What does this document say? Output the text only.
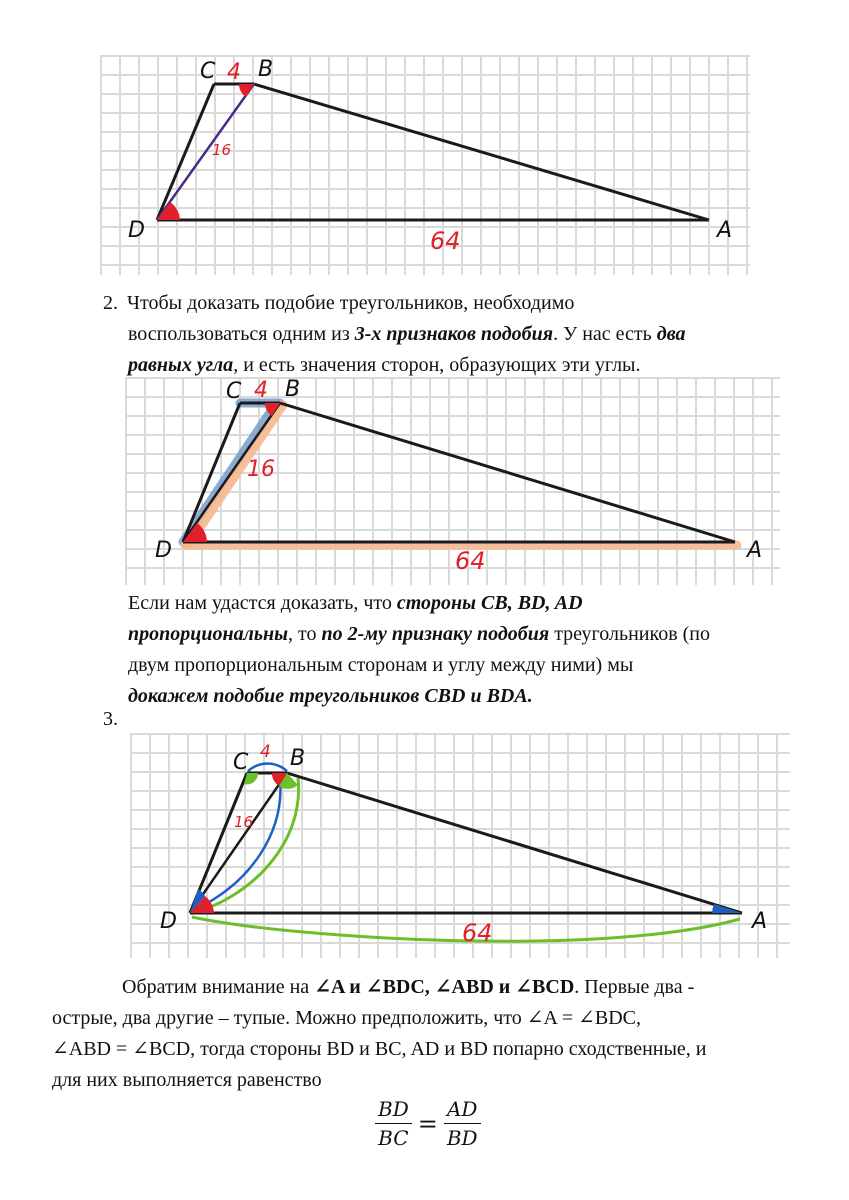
C B
D	A
4
16
64
2. Чтобы доказать подобие треугольников, необходимо
воспользоваться одним из 3-х признаков подобия. У нас есть два
равных угла, и есть значения сторон, образующих эти углы.
C B
D	A
4
16
64
Если нам удастся доказать, что стороны CB, BD, AD
пропорциональны, то по 2-му признаку подобия треугольников (по
двум пропорциональным сторонам и углу между ними) мы
докажем подобие треугольников CBD и BDA.
3.
C B
D	A
4
16
64
Обратим внимание на ∠A и ∠BDC, ∠ABD и ∠BCD. Первые два -
острые, два другие – тупые. Можно предположить, что ∠A = ∠BDC,
∠ABD = ∠BCD, тогда стороны BD и BC, AD и BD попарно сходственные, и
для них выполняется равенство
$\frac{BD}{BC} = \frac{AD}{BD}$
